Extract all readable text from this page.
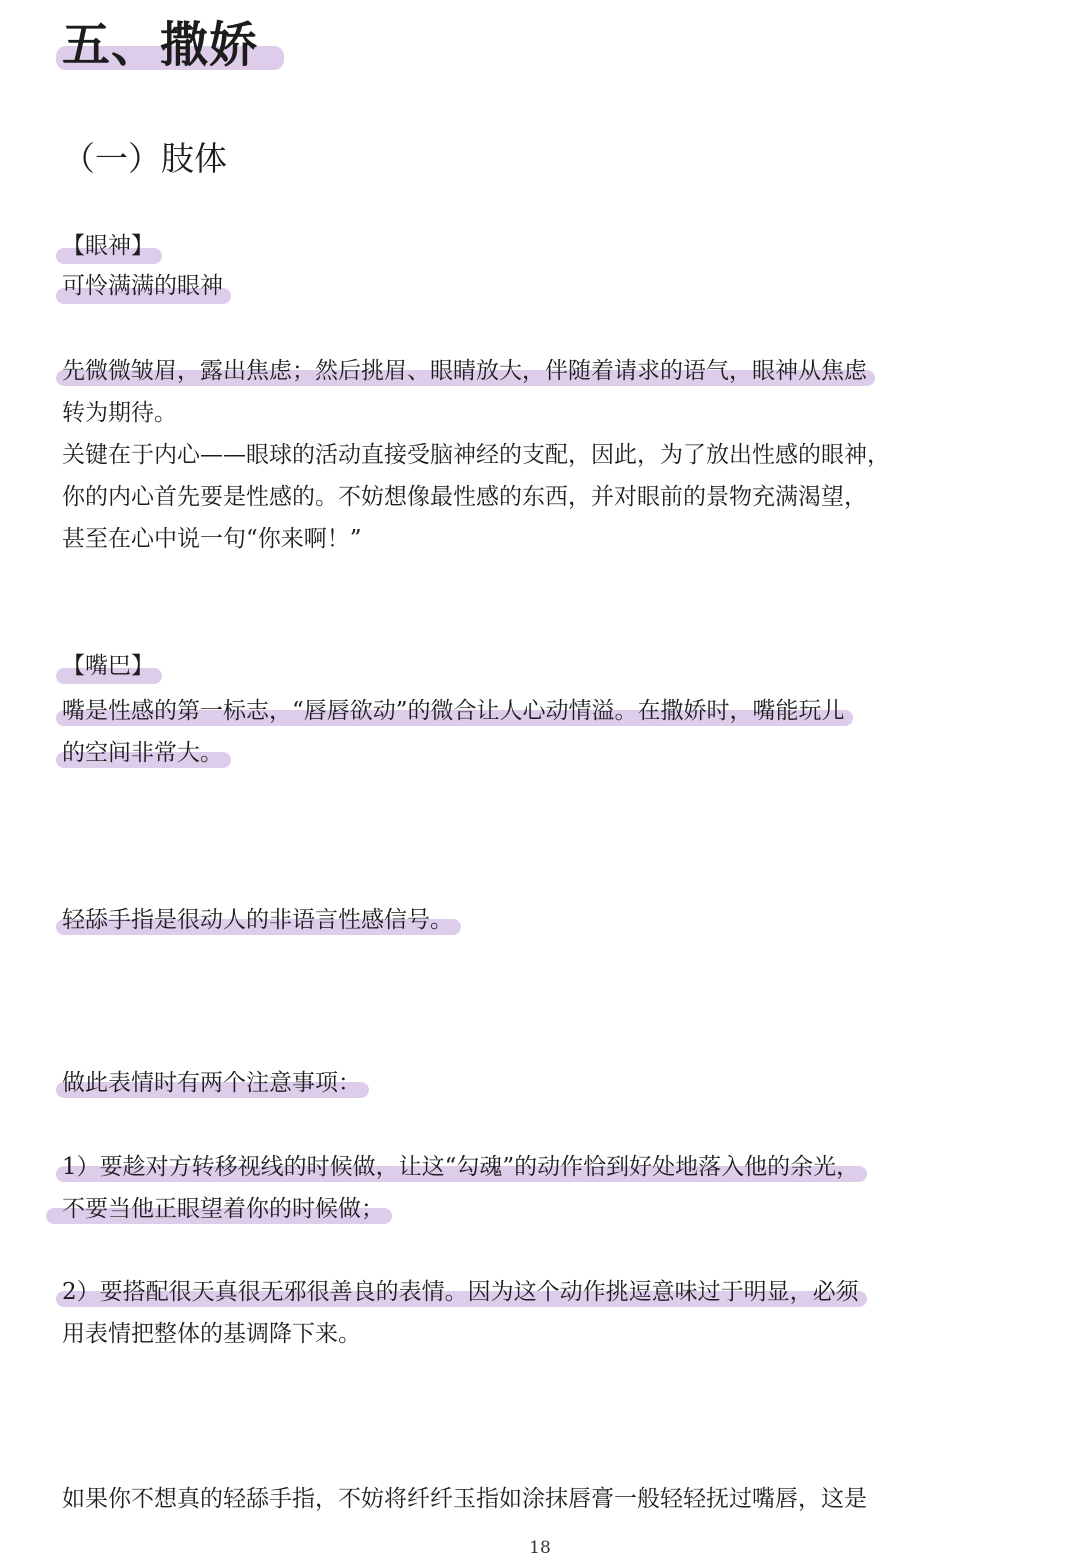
五、撒娇
（一）肢体
【眼神】
可怜满满的眼神
先微微皱眉，露出焦虑；然后挑眉、眼睛放大，伴随着请求的语气，眼神从焦虑
转为期待。
关键在于内心——眼球的活动直接受脑神经的支配，因此，为了放出性感的眼神，
你的内心首先要是性感的。不妨想像最性感的东西，并对眼前的景物充满渴望，
甚至在心中说一句“你来啊！”
【嘴巴】
嘴是性感的第一标志，“唇唇欲动”的微合让人心动情溢。在撒娇时，嘴能玩儿
的空间非常大。
轻舔手指是很动人的非语言性感信号。
做此表情时有两个注意事项：
1）要趁对方转移视线的时候做，让这“勾魂”的动作恰到好处地落入他的余光，
不要当他正眼望着你的时候做；
2）要搭配很天真很无邪很善良的表情。因为这个动作挑逗意味过于明显，必须
用表情把整体的基调降下来。
如果你不想真的轻舔手指，不妨将纤纤玉指如涂抹唇膏一般轻轻抚过嘴唇，这是
18
